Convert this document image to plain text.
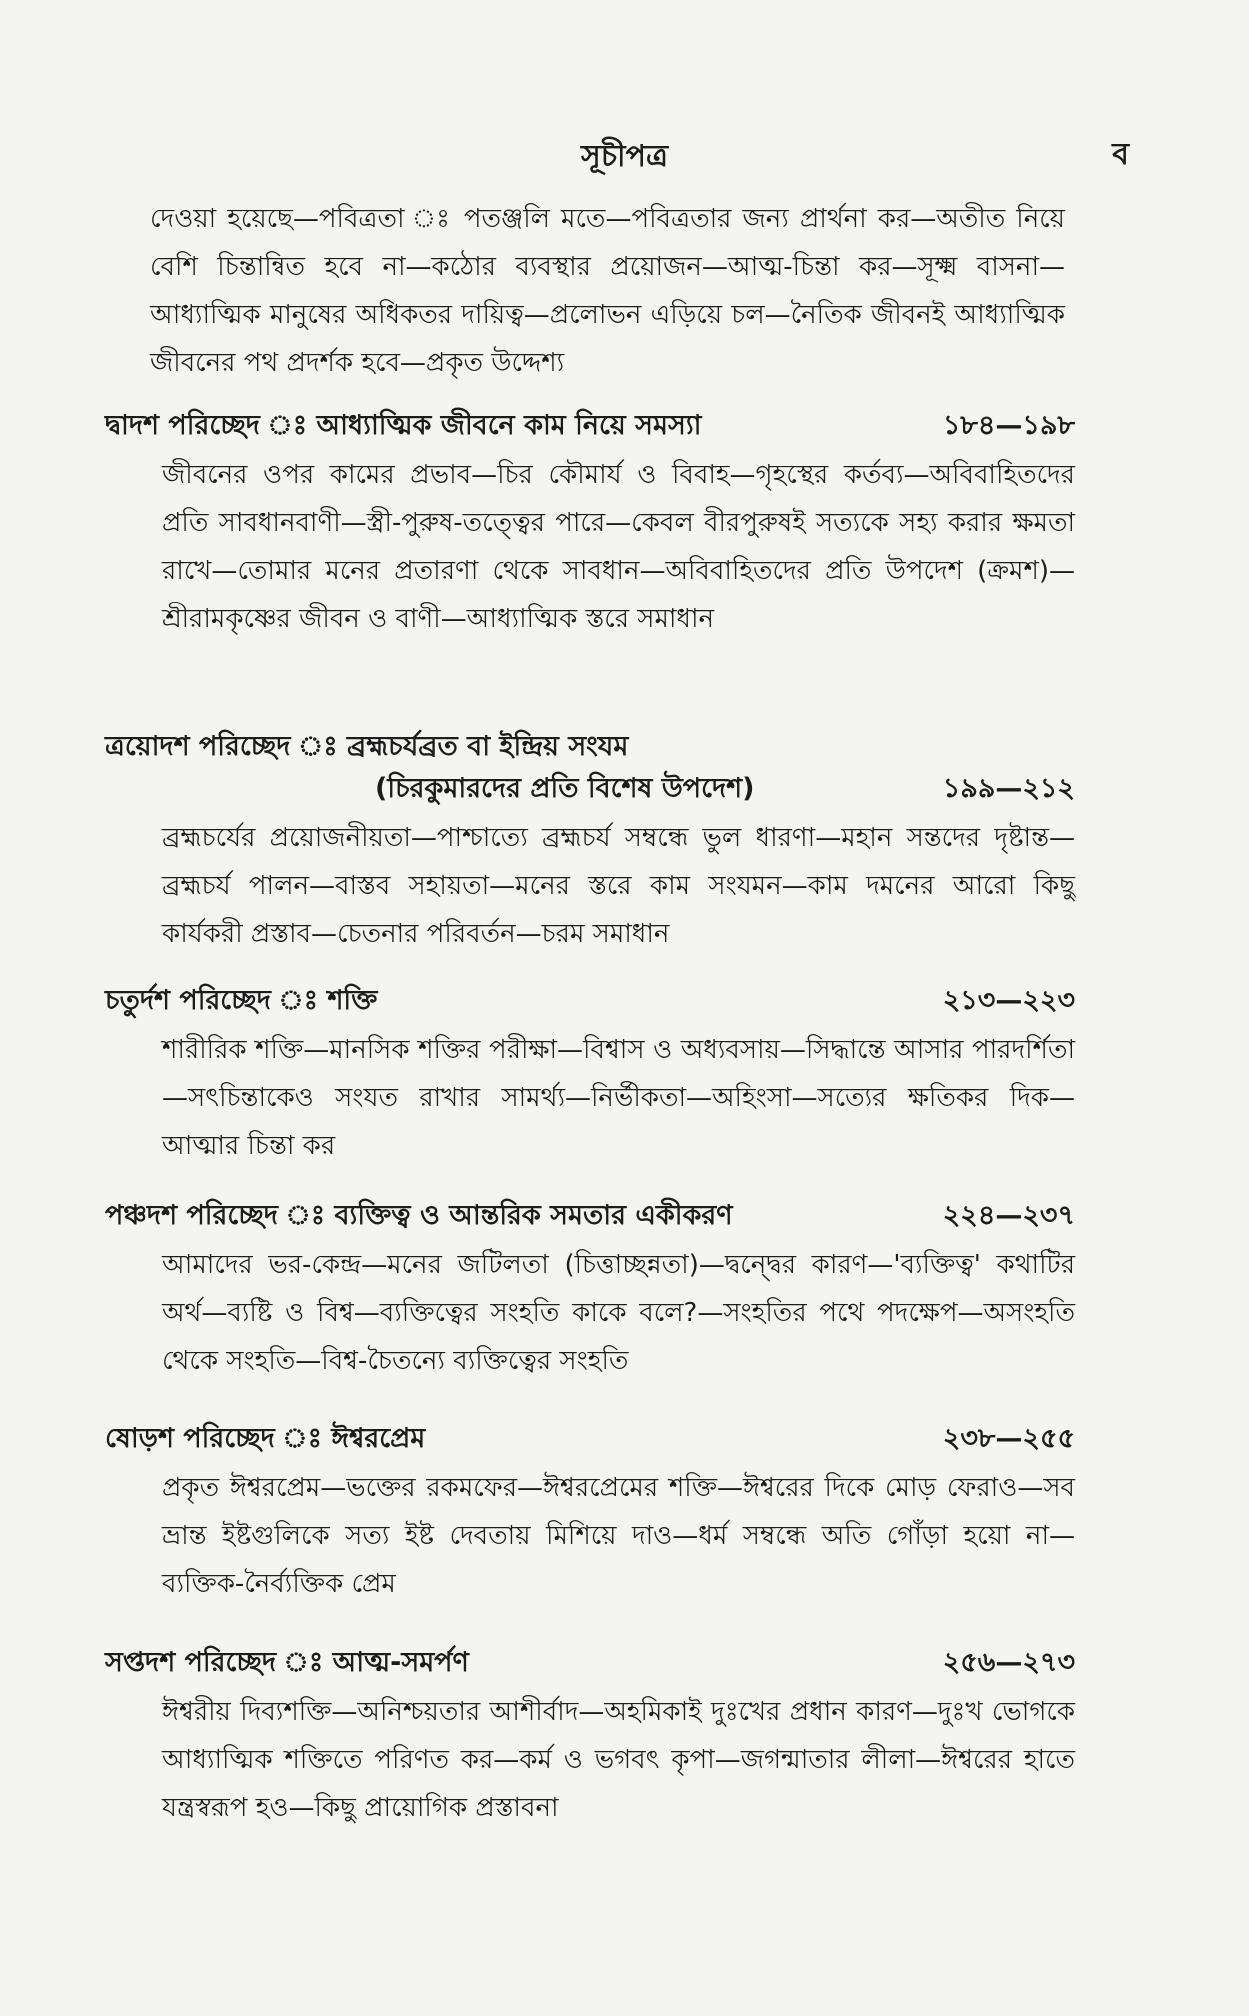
সূচীপত্র	ব
দেওয়া হয়েছে—পবিত্রতা ঃ পতঞ্জলি মতে—পবিত্রতার জন্য প্রার্থনা কর—অতীত নিয়ে বেশি চিন্তান্বিত হবে না—কঠোর ব্যবস্থার প্রয়োজন—আত্ম-চিন্তা কর—সূক্ষ্ম বাসনা—আধ্যাত্মিক মানুষের অধিকতর দায়িত্ব—প্রলোভন এড়িয়ে চল—নৈতিক জীবনই আধ্যাত্মিক জীবনের পথ প্রদর্শক হবে—প্রকৃত উদ্দেশ্য
দ্বাদশ পরিচ্ছেদ ঃ আধ্যাত্মিক জীবনে কাম নিয়ে সমস্যা	১৮৪—১৯৮
জীবনের ওপর কামের প্রভাব—চির কৌমার্য ও বিবাহ—গৃহস্থের কর্তব্য—অবিবাহিতদের প্রতি সাবধানবাণী—স্ত্রী-পুরুষ-তত্ত্বের পারে—কেবল বীরপুরুষই সত্যকে সহ্য করার ক্ষমতা রাখে—তোমার মনের প্রতারণা থেকে সাবধান—অবিবাহিতদের প্রতি উপদেশ (ক্রমশ)—শ্রীরামকৃষ্ণের জীবন ও বাণী—আধ্যাত্মিক স্তরে সমাধান
ত্রয়োদশ পরিচ্ছেদ ঃ ব্রহ্মচর্যব্রত বা ইন্দ্রিয় সংযম
(চিরকুমারদের প্রতি বিশেষ উপদেশ)	১৯৯—২১২
ব্রহ্মচর্যের প্রয়োজনীয়তা—পাশ্চাত্যে ব্রহ্মচর্য সম্বন্ধে ভুল ধারণা—মহান সন্তদের দৃষ্টান্ত—ব্রহ্মচর্য পালন—বাস্তব সহায়তা—মনের স্তরে কাম সংযমন—কাম দমনের আরো কিছু কার্যকরী প্রস্তাব—চেতনার পরিবর্তন—চরম সমাধান
চতুর্দশ পরিচ্ছেদ ঃ শক্তি	২১৩—২২৩
শারীরিক শক্তি—মানসিক শক্তির পরীক্ষা—বিশ্বাস ও অধ্যবসায়—সিদ্ধান্তে আসার পারদর্শিতা—সৎচিন্তাকেও সংযত রাখার সামর্থ্য—নির্ভীকতা—অহিংসা—সত্যের ক্ষতিকর দিক—আত্মার চিন্তা কর
পঞ্চদশ পরিচ্ছেদ ঃ ব্যক্তিত্ব ও আন্তরিক সমতার একীকরণ	২২৪—২৩৭
আমাদের ভর-কেন্দ্র—মনের জটিলতা (চিত্তাচ্ছন্নতা)—দ্বন্দ্বের কারণ—'ব্যক্তিত্ব' কথাটির অর্থ—ব্যষ্টি ও বিশ্ব—ব্যক্তিত্বের সংহতি কাকে বলে?—সংহতির পথে পদক্ষেপ—অসংহতি থেকে সংহতি—বিশ্ব-চৈতন্যে ব্যক্তিত্বের সংহতি
ষোড়শ পরিচ্ছেদ ঃ ঈশ্বরপ্রেম	২৩৮—২৫৫
প্রকৃত ঈশ্বরপ্রেম—ভক্তের রকমফের—ঈশ্বরপ্রেমের শক্তি—ঈশ্বরের দিকে মোড় ফেরাও—সব ভ্রান্ত ইষ্টগুলিকে সত্য ইষ্ট দেবতায় মিশিয়ে দাও—ধর্ম সম্বন্ধে অতি গোঁড়া হয়ো না—ব্যক্তিক-নৈর্ব্যক্তিক প্রেম
সপ্তদশ পরিচ্ছেদ ঃ আত্ম-সমর্পণ	২৫৬—২৭৩
ঈশ্বরীয় দিব্যশক্তি—অনিশ্চয়তার আশীর্বাদ—অহমিকাই দুঃখের প্রধান কারণ—দুঃখ ভোগকে আধ্যাত্মিক শক্তিতে পরিণত কর—কর্ম ও ভগবৎ কৃপা—জগন্মাতার লীলা—ঈশ্বরের হাতে যন্ত্রস্বরূপ হও—কিছু প্রায়োগিক প্রস্তাবনা
